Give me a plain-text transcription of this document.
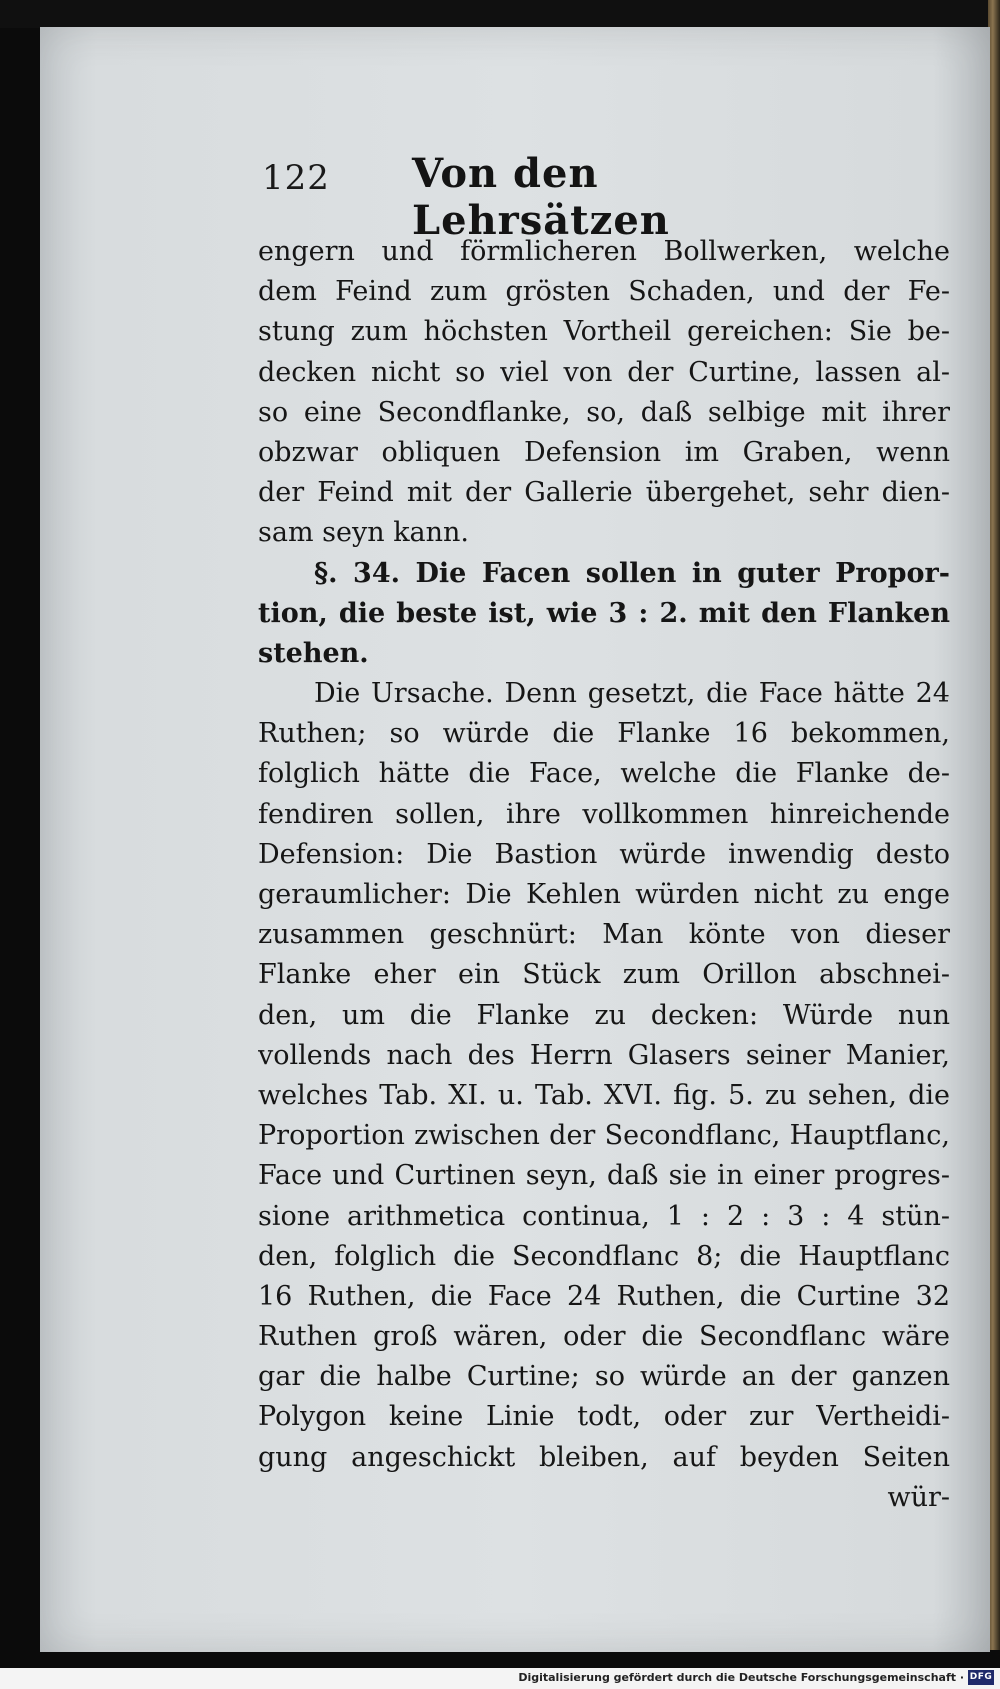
122 Von den Lehrsätzen
engern und förmlicheren Bollwerken, welche
dem Feind zum grösten Schaden, und der Fe-
stung zum höchsten Vortheil gereichen: Sie be-
decken nicht so viel von der Curtine, lassen al-
so eine Secondflanke, so, daß selbige mit ihrer
obzwar obliquen Defension im Graben, wenn
der Feind mit der Gallerie übergehet, sehr dien-
sam seyn kann.
§. 34. Die Facen sollen in guter Propor-
tion, die beste ist, wie 3 : 2. mit den Flanken
stehen.
Die Ursache. Denn gesetzt, die Face hätte 24
Ruthen; so würde die Flanke 16 bekommen,
folglich hätte die Face, welche die Flanke de-
fendiren sollen, ihre vollkommen hinreichende
Defension: Die Bastion würde inwendig desto
geraumlicher: Die Kehlen würden nicht zu enge
zusammen geschnürt: Man könte von dieser
Flanke eher ein Stück zum Orillon abschnei-
den, um die Flanke zu decken: Würde nun
vollends nach des Herrn Glasers seiner Manier,
welches Tab. XI. u. Tab. XVI. fig. 5. zu sehen, die
Proportion zwischen der Secondflanc, Hauptflanc,
Face und Curtinen seyn, daß sie in einer progres-
sione arithmetica continua, 1 : 2 : 3 : 4 stün-
den, folglich die Secondflanc 8; die Hauptflanc
16 Ruthen, die Face 24 Ruthen, die Curtine 32
Ruthen groß wären, oder die Secondflanc wäre
gar die halbe Curtine; so würde an der ganzen
Polygon keine Linie todt, oder zur Vertheidi-
gung angeschickt bleiben, auf beyden Seiten
wür-
Digitalisierung gefördert durch die Deutsche Forschungsgemeinschaft · DFG
